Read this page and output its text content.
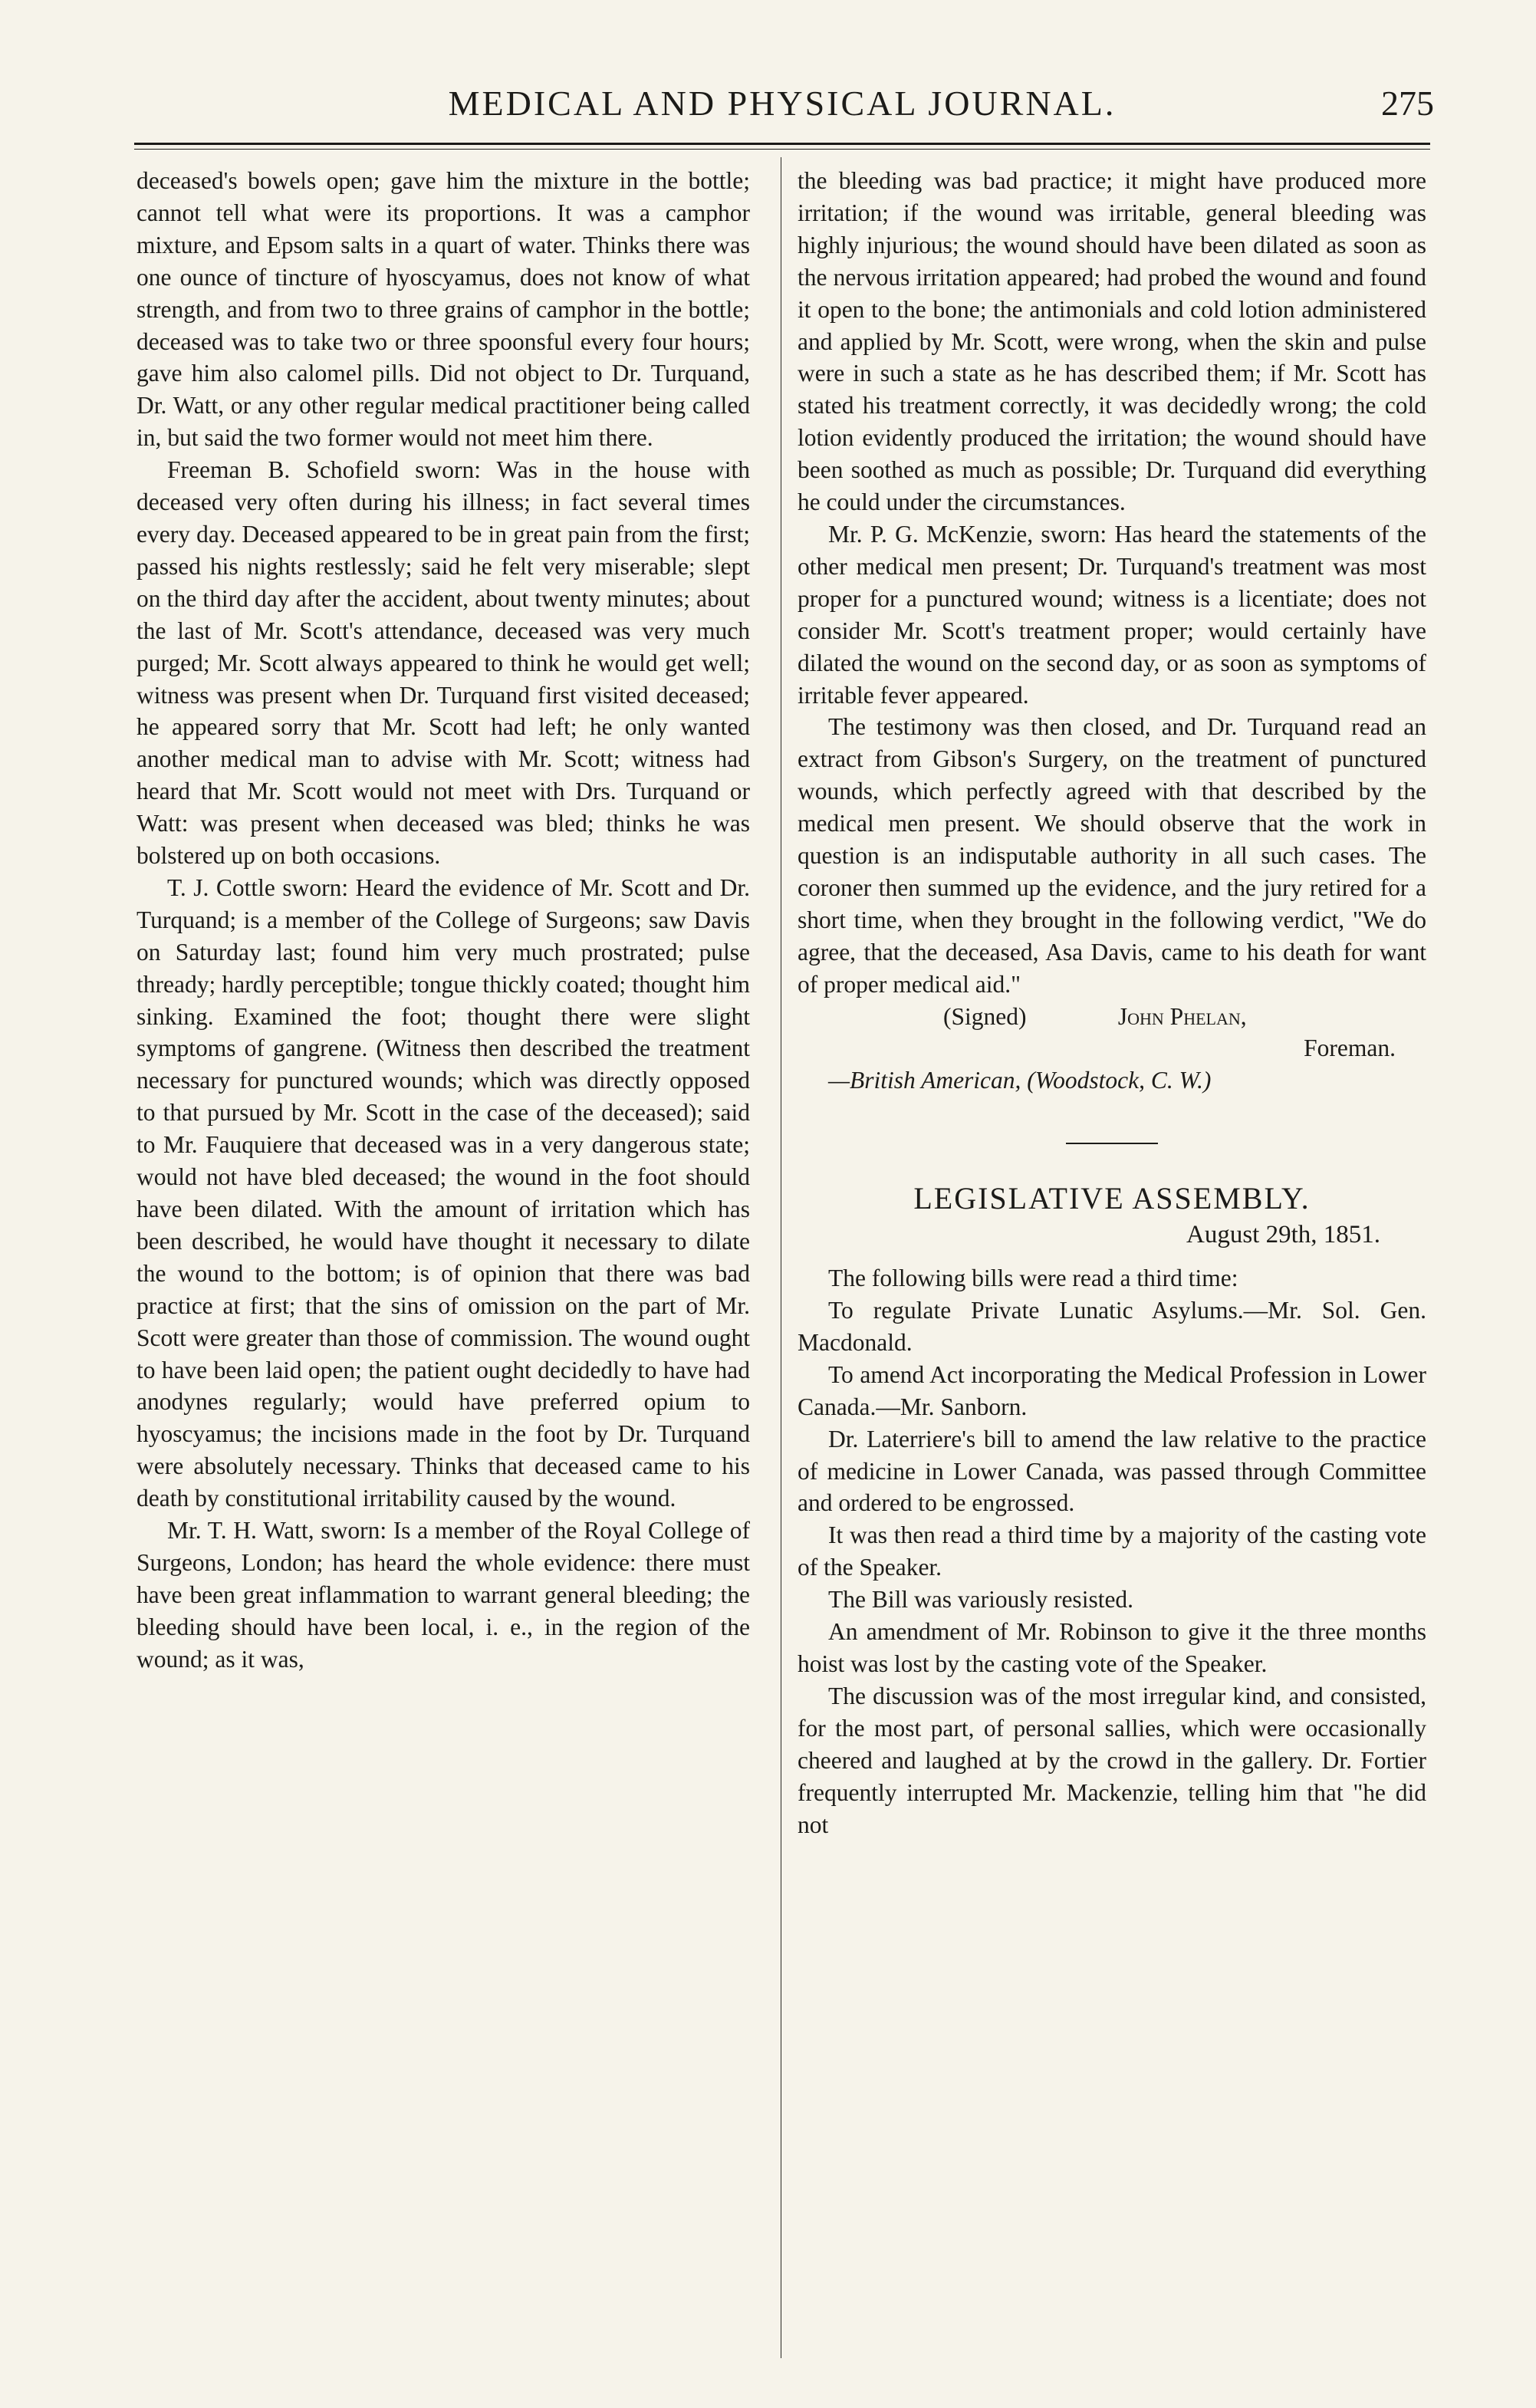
MEDICAL AND PHYSICAL JOURNAL.	275

deceased's bowels open; gave him the mixture in the bottle; cannot tell what were its proportions. It was a camphor mixture, and Epsom salts in a quart of water. Thinks there was one ounce of tincture of hyoscyamus, does not know of what strength, and from two to three grains of camphor in the bottle; deceased was to take two or three spoonsful every four hours; gave him also calomel pills. Did not object to Dr. Turquand, Dr. Watt, or any other regular medical practitioner being called in, but said the two former would not meet him there.

Freeman B. Schofield sworn: Was in the house with deceased very often during his illness; in fact several times every day. Deceased appeared to be in great pain from the first; passed his nights restlessly; said he felt very miserable; slept on the third day after the accident, about twenty minutes; about the last of Mr. Scott's attendance, deceased was very much purged; Mr. Scott always appeared to think he would get well; witness was present when Dr. Turquand first visited deceased; he appeared sorry that Mr. Scott had left; he only wanted another medical man to advise with Mr. Scott; witness had heard that Mr. Scott would not meet with Drs. Turquand or Watt: was present when deceased was bled; thinks he was bolstered up on both occasions.

T. J. Cottle sworn: Heard the evidence of Mr. Scott and Dr. Turquand; is a member of the College of Surgeons; saw Davis on Saturday last; found him very much prostrated; pulse thready; hardly perceptible; tongue thickly coated; thought him sinking. Examined the foot; thought there were slight symptoms of gangrene. (Witness then described the treatment necessary for punctured wounds; which was directly opposed to that pursued by Mr. Scott in the case of the deceased); said to Mr. Fauquiere that deceased was in a very dangerous state; would not have bled deceased; the wound in the foot should have been dilated. With the amount of irritation which has been described, he would have thought it necessary to dilate the wound to the bottom; is of opinion that there was bad practice at first; that the sins of omission on the part of Mr. Scott were greater than those of commission. The wound ought to have been laid open; the patient ought decidedly to have had anodynes regularly; would have preferred opium to hyoscyamus; the incisions made in the foot by Dr. Turquand were absolutely necessary. Thinks that deceased came to his death by constitutional irritability caused by the wound.

Mr. T. H. Watt, sworn: Is a member of the Royal College of Surgeons, London; has heard the whole evidence: there must have been great inflammation to warrant general bleeding; the bleeding should have been local, i. e., in the region of the wound; as it was,

the bleeding was bad practice; it might have produced more irritation; if the wound was irritable, general bleeding was highly injurious; the wound should have been dilated as soon as the nervous irritation appeared; had probed the wound and found it open to the bone; the antimonials and cold lotion administered and applied by Mr. Scott, were wrong, when the skin and pulse were in such a state as he has described them; if Mr. Scott has stated his treatment correctly, it was decidedly wrong; the cold lotion evidently produced the irritation; the wound should have been soothed as much as possible; Dr. Turquand did everything he could under the circumstances.

Mr. P. G. McKenzie, sworn: Has heard the statements of the other medical men present; Dr. Turquand's treatment was most proper for a punctured wound; witness is a licentiate; does not consider Mr. Scott's treatment proper; would certainly have dilated the wound on the second day, or as soon as symptoms of irritable fever appeared.

The testimony was then closed, and Dr. Turquand read an extract from Gibson's Surgery, on the treatment of punctured wounds, which perfectly agreed with that described by the medical men present. We should observe that the work in question is an indisputable authority in all such cases. The coroner then summed up the evidence, and the jury retired for a short time, when they brought in the following verdict, "We do agree, that the deceased, Asa Davis, came to his death for want of proper medical aid."

(Signed)	John Phelan,

Foreman.

—British American, (Woodstock, C. W.)

LEGISLATIVE ASSEMBLY.
August 29th, 1851.

The following bills were read a third time:

To regulate Private Lunatic Asylums.—Mr. Sol. Gen. Macdonald.

To amend Act incorporating the Medical Profession in Lower Canada.—Mr. Sanborn.

Dr. Laterriere's bill to amend the law relative to the practice of medicine in Lower Canada, was passed through Committee and ordered to be engrossed.

It was then read a third time by a majority of the casting vote of the Speaker.

The Bill was variously resisted.

An amendment of Mr. Robinson to give it the three months hoist was lost by the casting vote of the Speaker.

The discussion was of the most irregular kind, and consisted, for the most part, of personal sallies, which were occasionally cheered and laughed at by the crowd in the gallery. Dr. Fortier frequently interrupted Mr. Mackenzie, telling him that "he did not
